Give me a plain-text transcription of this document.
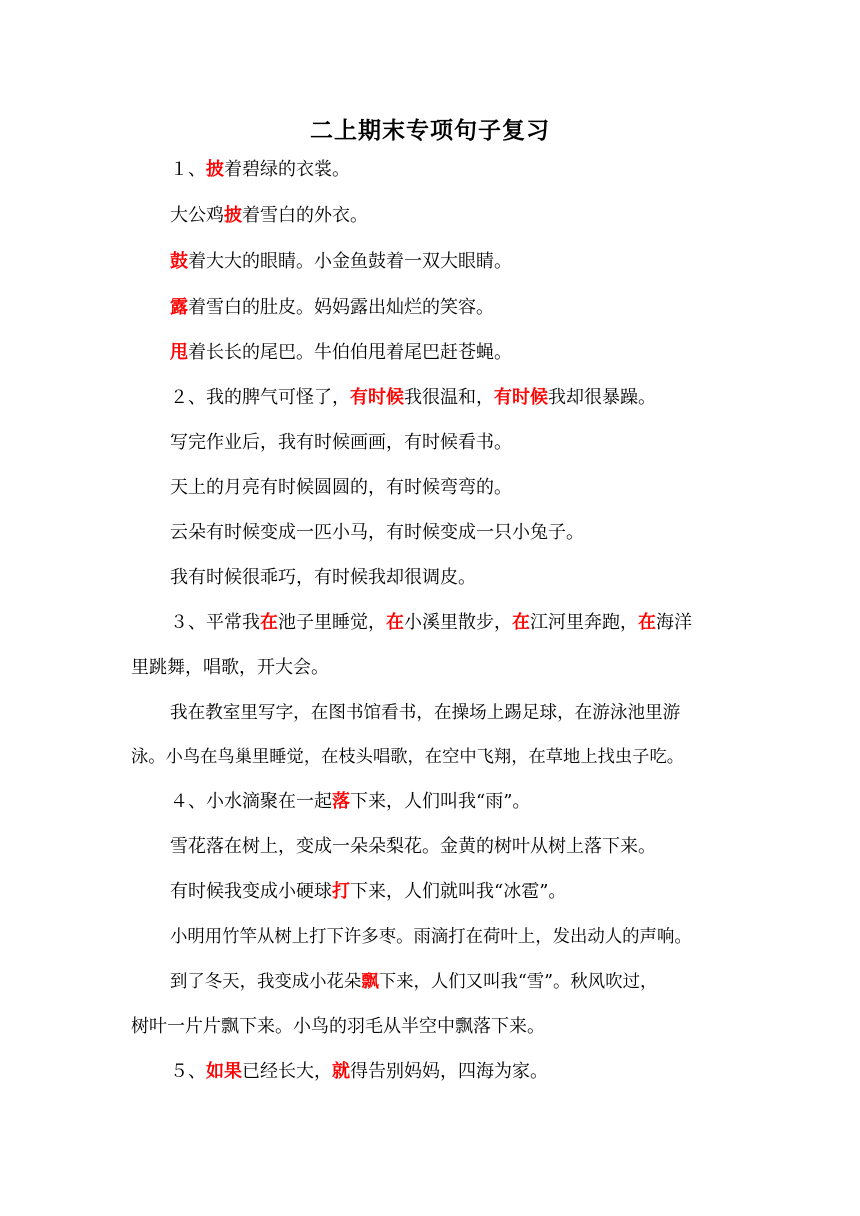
二上期末专项句子复习
１、披着碧绿的衣裳。
大公鸡披着雪白的外衣。
鼓着大大的眼睛。小金鱼鼓着一双大眼睛。
露着雪白的肚皮。妈妈露出灿烂的笑容。
甩着长长的尾巴。牛伯伯甩着尾巴赶苍蝇。
２、我的脾气可怪了，有时候我很温和，有时候我却很暴躁。
写完作业后，我有时候画画，有时候看书。
天上的月亮有时候圆圆的，有时候弯弯的。
云朵有时候变成一匹小马，有时候变成一只小兔子。
我有时候很乖巧，有时候我却很调皮。
３、平常我在池子里睡觉，在小溪里散步，在江河里奔跑，在海洋
里跳舞，唱歌，开大会。
我在教室里写字，在图书馆看书，在操场上踢足球，在游泳池里游
泳。小鸟在鸟巢里睡觉，在枝头唱歌，在空中飞翔，在草地上找虫子吃。
４、小水滴聚在一起落下来，人们叫我“雨”。
雪花落在树上，变成一朵朵梨花。金黄的树叶从树上落下来。
有时候我变成小硬球打下来，人们就叫我“冰雹”。
小明用竹竿从树上打下许多枣。雨滴打在荷叶上，发出动人的声响。
到了冬天，我变成小花朵飘下来，人们又叫我“雪”。秋风吹过，
树叶一片片飘下来。小鸟的羽毛从半空中飘落下来。
５、如果已经长大，就得告别妈妈，四海为家。
